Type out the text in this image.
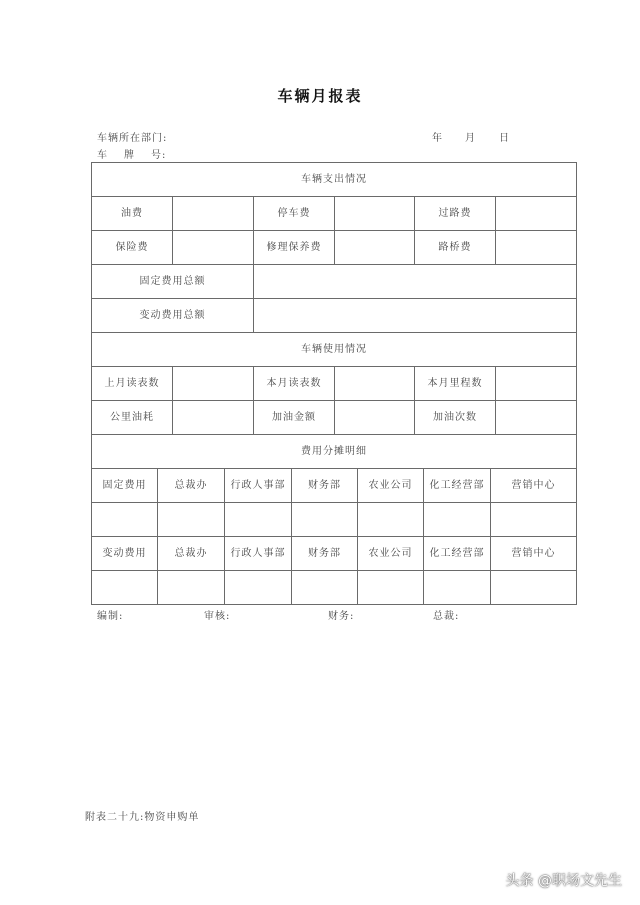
车辆月报表
车辆所在部门:
车 牌 号:
年 月 日
车辆支出情况					
油费		停车费		过路费	
保险费		修理保养费		路桥费	
固定费用总额					
变动费用总额					
车辆使用情况					
上月读表数		本月读表数		本月里程数	
公里油耗		加油金额		加油次数	
费用分摊明细					
固定费用	总裁办	行政人事部	财务部	农业公司	化工经营部	营销中心

变动费用	总裁办	行政人事部	财务部	农业公司	化工经营部	营销中心

编制:	审核:	财务:	总裁:
附表二十九:物资申购单
头条 @职场文先生
